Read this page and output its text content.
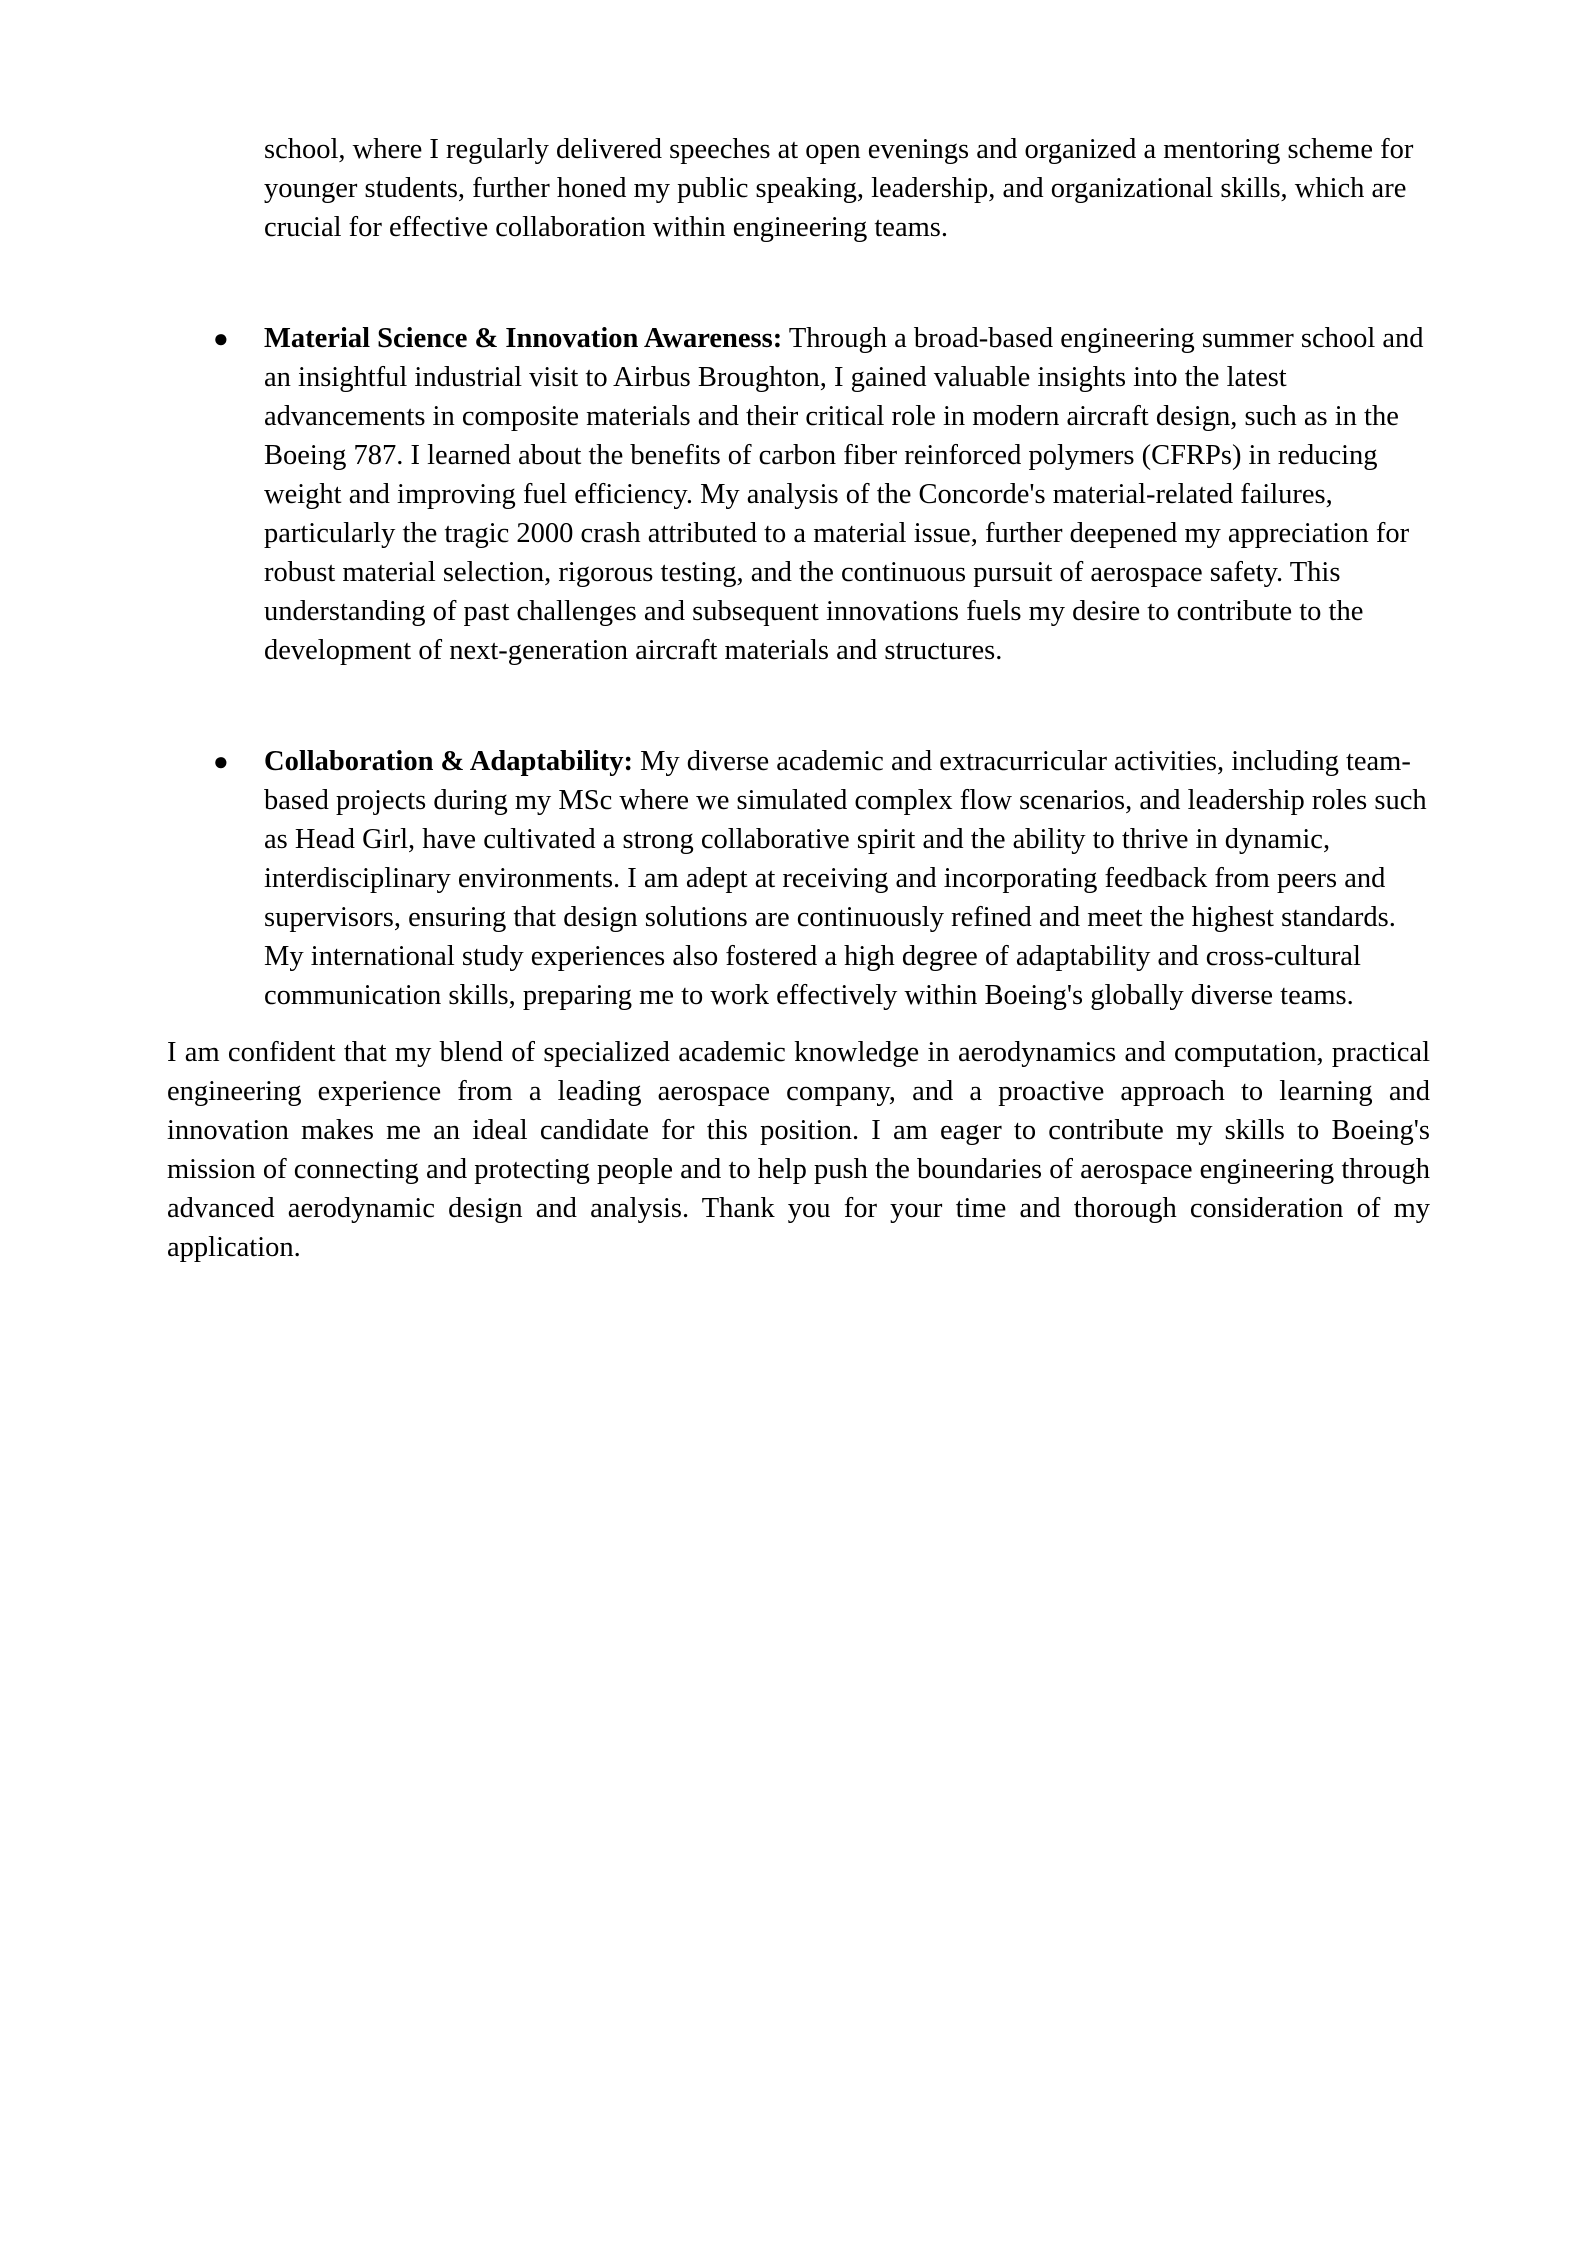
school, where I regularly delivered speeches at open evenings and organized a mentoring scheme for younger students, further honed my public speaking, leadership, and organizational skills, which are crucial for effective collaboration within engineering teams.

●	Material Science & Innovation Awareness: Through a broad-based engineering summer school and an insightful industrial visit to Airbus Broughton, I gained valuable insights into the latest advancements in composite materials and their critical role in modern aircraft design, such as in the Boeing 787. I learned about the benefits of carbon fiber reinforced polymers (CFRPs) in reducing weight and improving fuel efficiency. My analysis of the Concorde's material-related failures, particularly the tragic 2000 crash attributed to a material issue, further deepened my appreciation for robust material selection, rigorous testing, and the continuous pursuit of aerospace safety. This understanding of past challenges and subsequent innovations fuels my desire to contribute to the development of next-generation aircraft materials and structures.

●	Collaboration & Adaptability: My diverse academic and extracurricular activities, including team-based projects during my MSc where we simulated complex flow scenarios, and leadership roles such as Head Girl, have cultivated a strong collaborative spirit and the ability to thrive in dynamic, interdisciplinary environments. I am adept at receiving and incorporating feedback from peers and supervisors, ensuring that design solutions are continuously refined and meet the highest standards. My international study experiences also fostered a high degree of adaptability and cross-cultural communication skills, preparing me to work effectively within Boeing's globally diverse teams.

I am confident that my blend of specialized academic knowledge in aerodynamics and computation, practical engineering experience from a leading aerospace company, and a proactive approach to learning and innovation makes me an ideal candidate for this position. I am eager to contribute my skills to Boeing's mission of connecting and protecting people and to help push the boundaries of aerospace engineering through advanced aerodynamic design and analysis. Thank you for your time and thorough consideration of my application.
